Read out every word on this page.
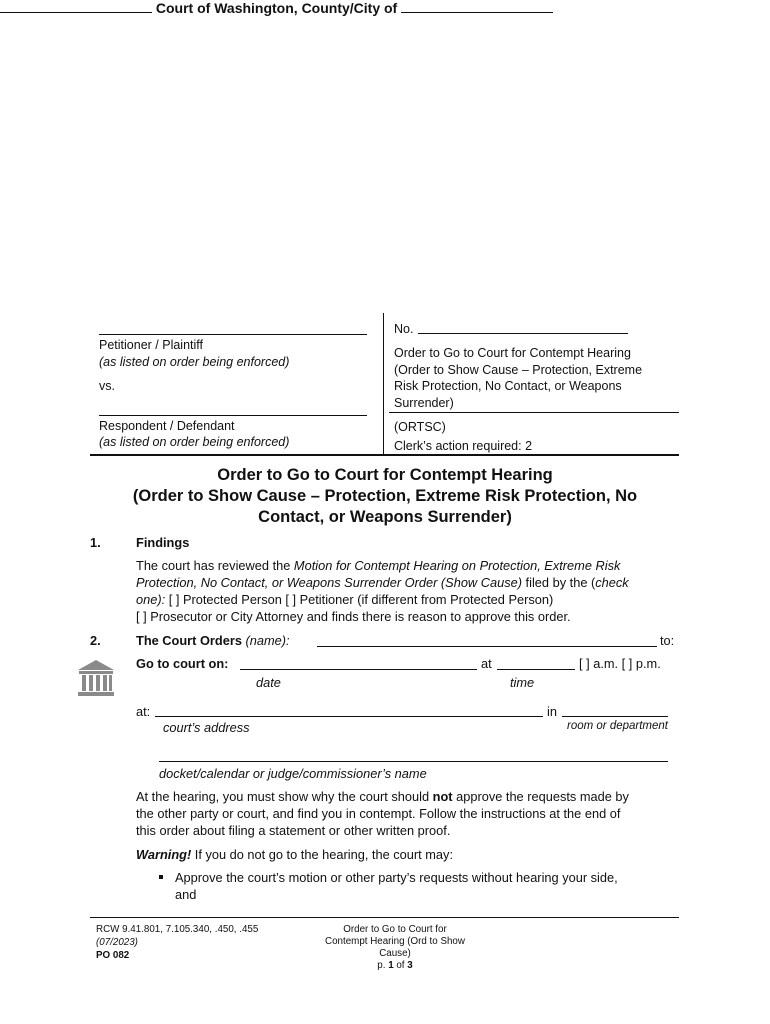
Court of Washington, County/City of
Petitioner / Plaintiff
(as listed on order being enforced)
vs.
Respondent / Defendant
(as listed on order being enforced)
No.
Order to Go to Court for Contempt Hearing
(Order to Show Cause – Protection, Extreme
Risk Protection, No Contact, or Weapons
Surrender)
(ORTSC)
Clerk’s action required: 2
Order to Go to Court for Contempt Hearing
(Order to Show Cause – Protection, Extreme Risk Protection, No
Contact, or Weapons Surrender)
1.	Findings
The court has reviewed the Motion for Contempt Hearing on Protection, Extreme Risk
Protection, No Contact, or Weapons Surrender Order (Show Cause) filed by the (check
one): [ ] Protected Person [ ] Petitioner (if different from Protected Person)
[ ] Prosecutor or City Attorney and finds there is reason to approve this order.
2.	The Court Orders (name):	to:
Go to court on:	at	[ ] a.m. [ ] p.m.
date	time
at:	in
court’s address	room or department
docket/calendar or judge/commissioner’s name
At the hearing, you must show why the court should not approve the requests made by
the other party or court, and find you in contempt. Follow the instructions at the end of
this order about filing a statement or other written proof.
Warning! If you do not go to the hearing, the court may:
Approve the court’s motion or other party’s requests without hearing your side,
and
RCW 9.41.801, 7.105.340, .450, .455
(07/2023)
PO 082
Order to Go to Court for
Contempt Hearing (Ord to Show
Cause)
p. 1 of 3
